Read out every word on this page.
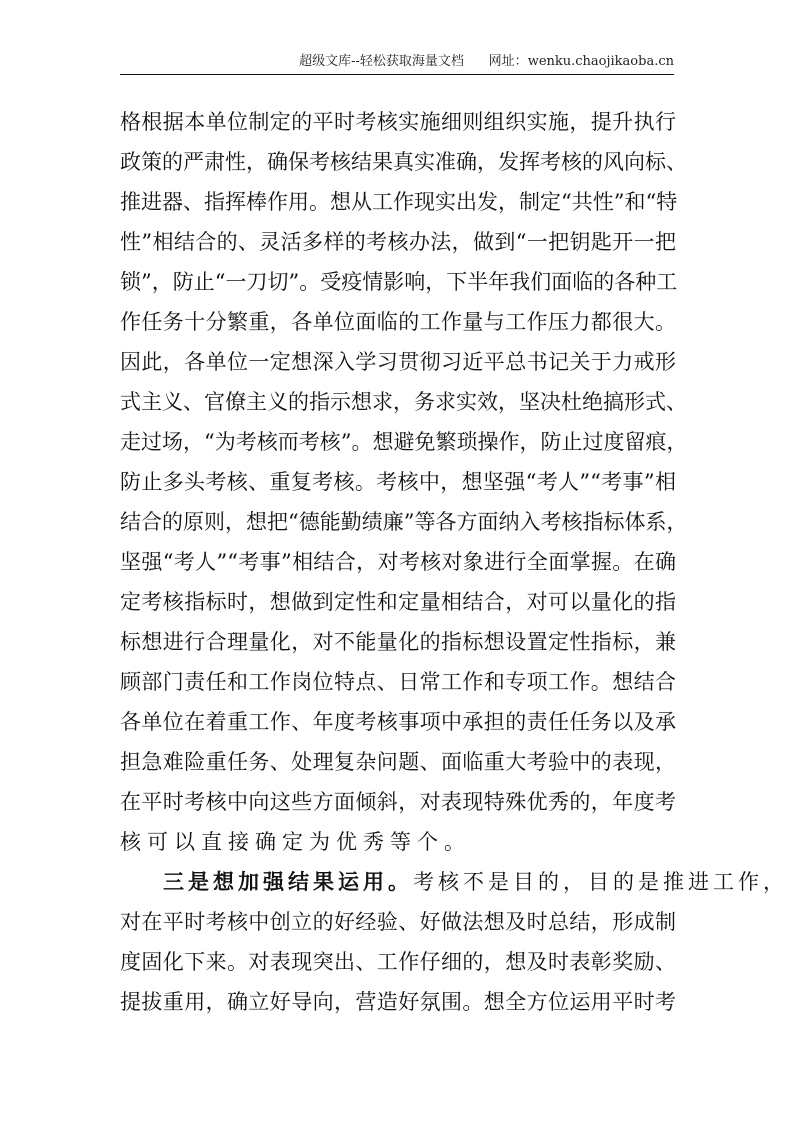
超级文库--轻松获取海量文档 网址：wenku.chaojikaoba.cn
格根据本单位制定的平时考核实施细则组织实施，提升执行
政策的严肃性，确保考核结果真实准确，发挥考核的风向标、
推进器、指挥棒作用。想从工作现实出发，制定“共性”和“特
性”相结合的、灵活多样的考核办法，做到“一把钥匙开一把
锁”，防止“一刀切”。受疫情影响，下半年我们面临的各种工
作任务十分繁重，各单位面临的工作量与工作压力都很大。
因此，各单位一定想深入学习贯彻习近平总书记关于力戒形
式主义、官僚主义的指示想求，务求实效，坚决杜绝搞形式、
走过场，“为考核而考核”。想避免繁琐操作，防止过度留痕，
防止多头考核、重复考核。考核中，想坚强“考人”“考事”相
结合的原则，想把“德能勤绩廉”等各方面纳入考核指标体系，
坚强“考人”“考事”相结合，对考核对象进行全面掌握。在确
定考核指标时，想做到定性和定量相结合，对可以量化的指
标想进行合理量化，对不能量化的指标想设置定性指标，兼
顾部门责任和工作岗位特点、日常工作和专项工作。想结合
各单位在着重工作、年度考核事项中承担的责任任务以及承
担急难险重任务、处理复杂问题、面临重大考验中的表现，
在平时考核中向这些方面倾斜，对表现特殊优秀的，年度考
核可以直接确定为优秀等个。
三是想加强结果运用。考核不是目的，目的是推进工作，
对在平时考核中创立的好经验、好做法想及时总结，形成制
度固化下来。对表现突出、工作仔细的，想及时表彰奖励、
提拔重用，确立好导向，营造好氛围。想全方位运用平时考
